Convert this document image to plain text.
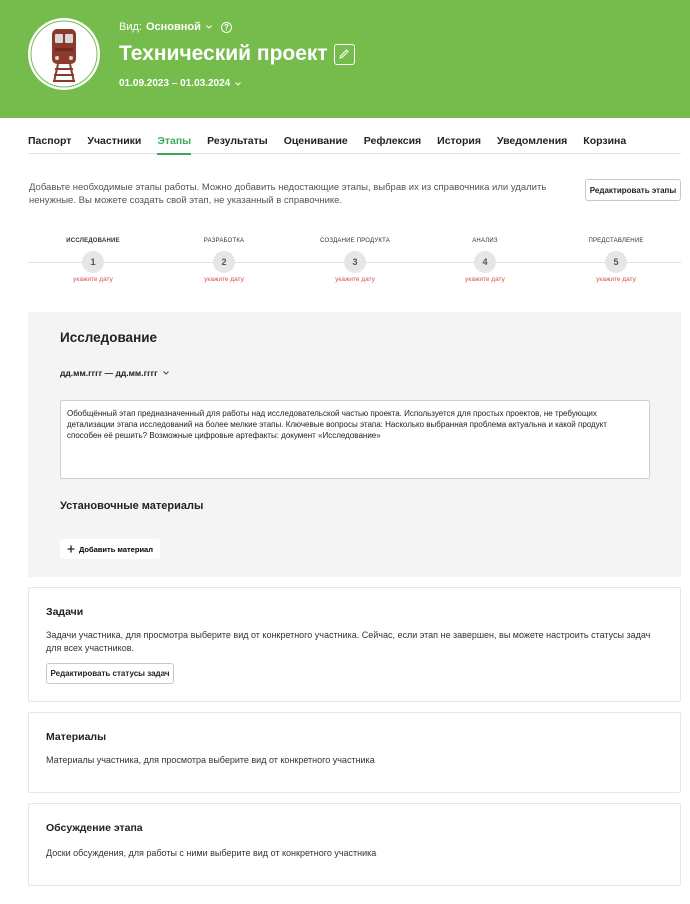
Вид: Основной	?
Технический проект
01.09.2023 – 01.03.2024
Паспорт Участники Этапы Результаты Оценивание Рефлексия История Уведомления Корзина
Добавьте необходимые этапы работы. Можно добавить недостающие этапы, выбрав их из справочника или удалить ненужные. Вы можете создать свой этап, не указанный в справочнике.
Редактировать этапы
ИССЛЕДОВАНИЕ
1
укажите дату
РАЗРАБОТКА
2
укажите дату
СОЗДАНИЕ ПРОДУКТА
3
укажите дату
АНАЛИЗ
4
укажите дату
ПРЕДСТАВЛЕНИЕ
5
укажите дату
Исследование
дд.мм.гггг — дд.мм.гггг
Обобщённый этап предназначенный для работы над исследовательской частью проекта. Используется для простых проектов, не требующих детализации этапа исследований на более мелкие этапы. Ключевые вопросы этапа: Насколько выбранная проблема актуальна и какой продукт способен её решить? Возможные цифровые артефакты: документ «Исследование»
Установочные материалы
Добавить материал
Задачи
Задачи участника, для просмотра выберите вид от конкретного участника. Сейчас, если этап не завершен, вы можете настроить статусы задач для всех участников.
Редактировать статусы задач
Материалы
Материалы участника, для просмотра выберите вид от конкретного участника
Обсуждение этапа
Доски обсуждения, для работы с ними выберите вид от конкретного участника
